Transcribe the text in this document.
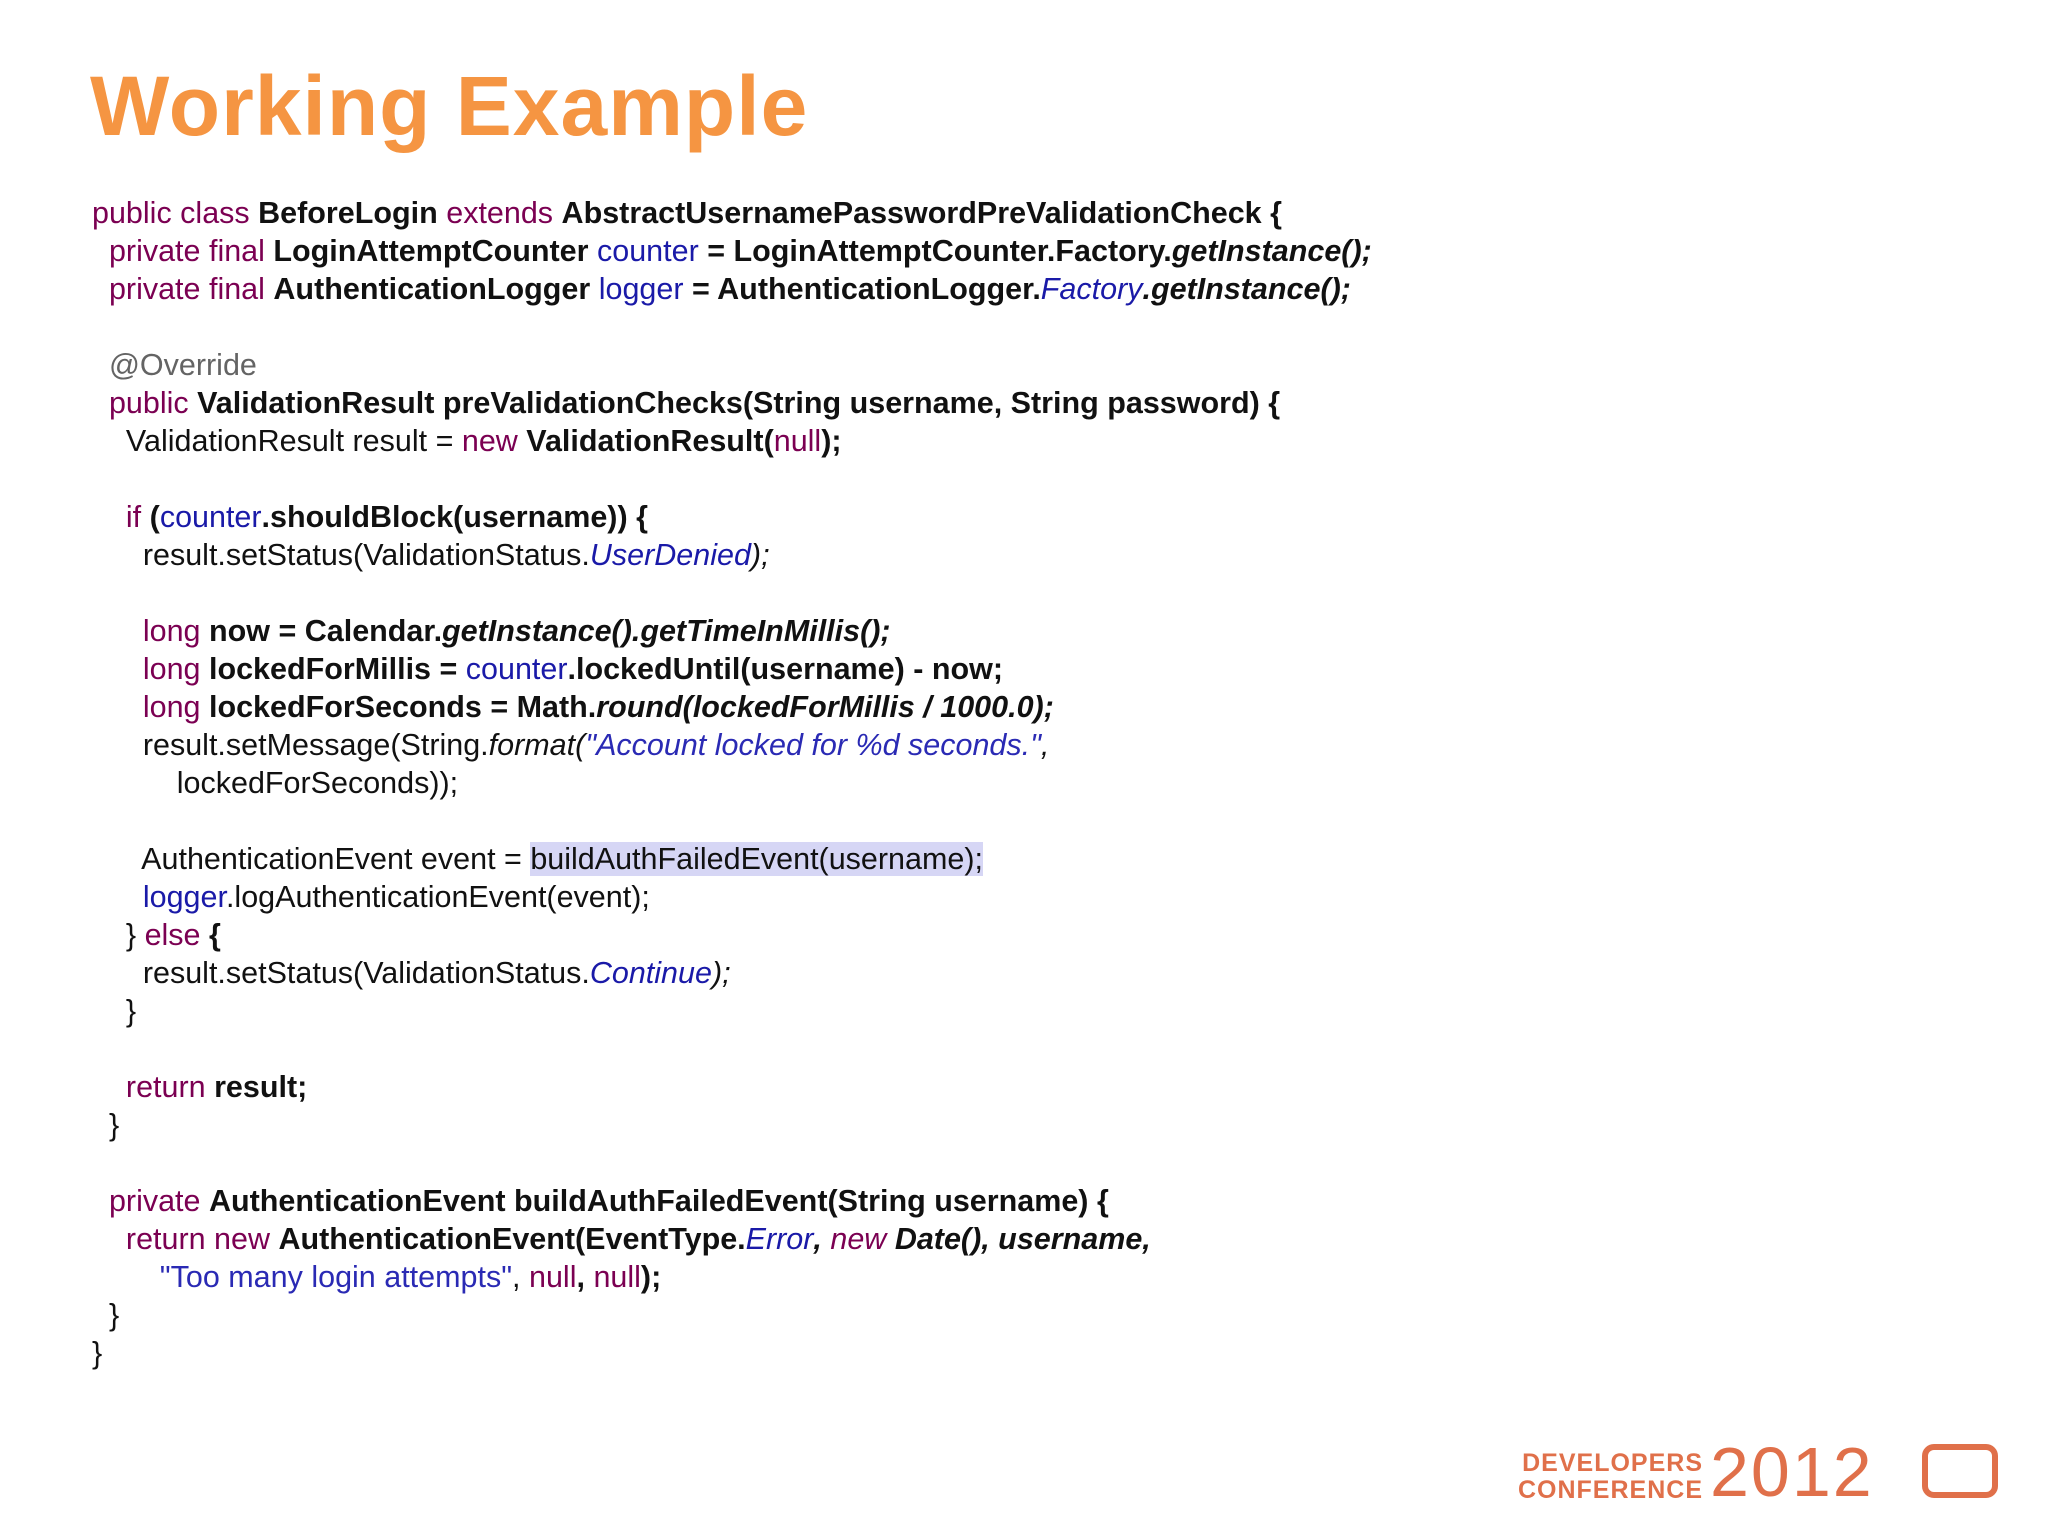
Working Example
public class BeforeLogin extends AbstractUsernamePasswordPreValidationCheck {
private final LoginAttemptCounter counter = LoginAttemptCounter.Factory.getInstance();
private final AuthenticationLogger logger = AuthenticationLogger.Factory.getInstance();

@Override
public ValidationResult preValidationChecks(String username, String password) {
ValidationResult result = new ValidationResult(null);

if (counter.shouldBlock(username)) {
result.setStatus(ValidationStatus.UserDenied);

long now = Calendar.getInstance().getTimeInMillis();
long lockedForMillis = counter.lockedUntil(username) - now;
long lockedForSeconds = Math.round(lockedForMillis / 1000.0);
result.setMessage(String.format("Account locked for %d seconds.",
lockedForSeconds));

AuthenticationEvent event = buildAuthFailedEvent(username);
logger.logAuthenticationEvent(event);
} else {
result.setStatus(ValidationStatus.Continue);
}

return result;
}

private AuthenticationEvent buildAuthFailedEvent(String username) {
return new AuthenticationEvent(EventType.Error, new Date(), username,
"Too many login attempts", null, null);
}
}
DEVELOPERS
CONFERENCE 2012
